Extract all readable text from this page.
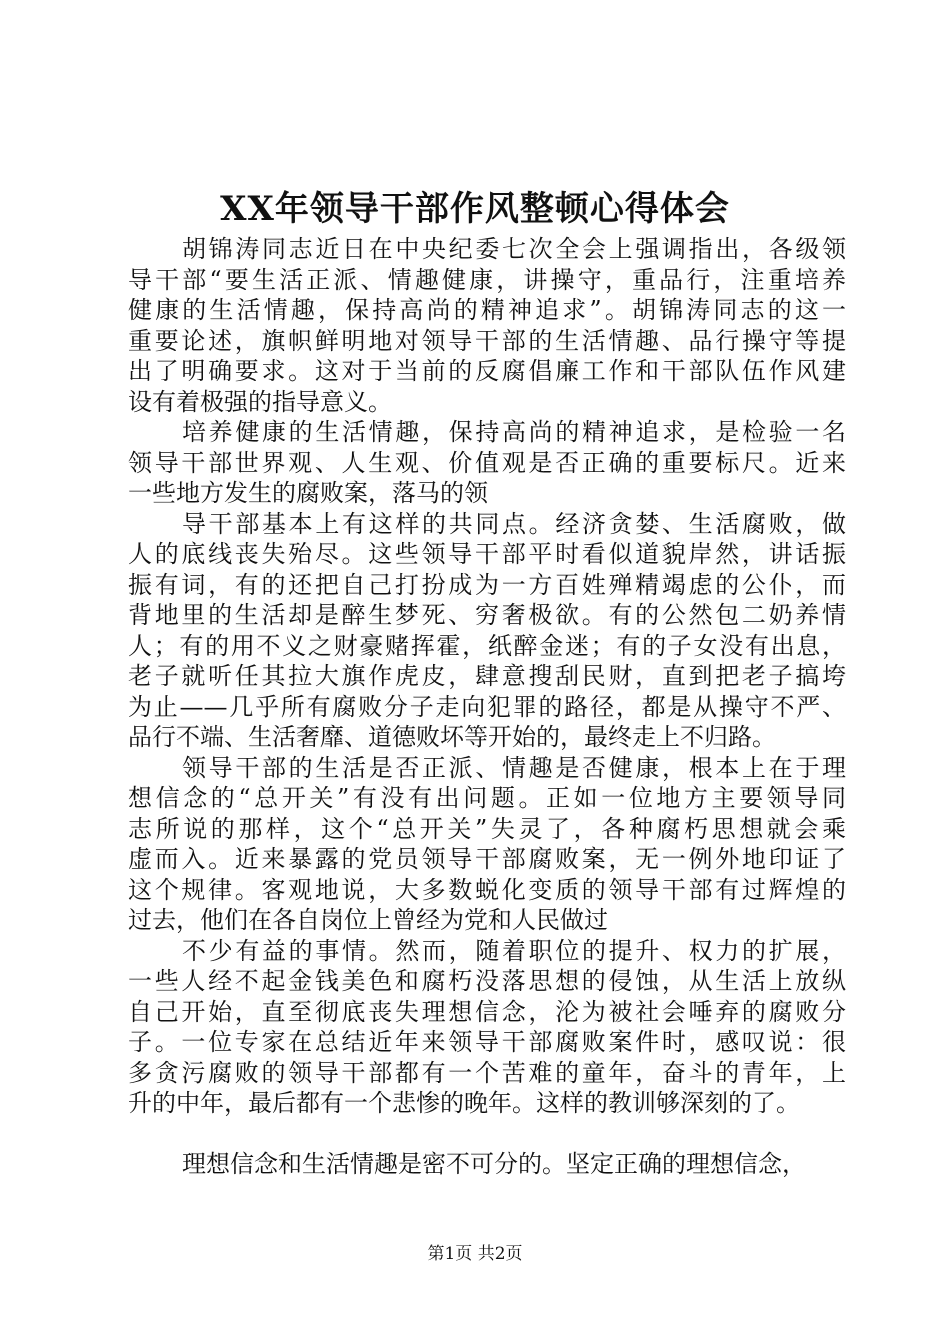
XX年领导干部作风整顿心得体会
胡锦涛同志近日在中央纪委七次全会上强调指出，各级领
导干部“要生活正派、情趣健康，讲操守，重品行，注重培养
健康的生活情趣，保持高尚的精神追求”。胡锦涛同志的这一
重要论述，旗帜鲜明地对领导干部的生活情趣、品行操守等提
出了明确要求。这对于当前的反腐倡廉工作和干部队伍作风建
设有着极强的指导意义。
培养健康的生活情趣，保持高尚的精神追求，是检验一名
领导干部世界观、人生观、价值观是否正确的重要标尺。近来
一些地方发生的腐败案，落马的领
导干部基本上有这样的共同点。经济贪婪、生活腐败，做
人的底线丧失殆尽。这些领导干部平时看似道貌岸然，讲话振
振有词，有的还把自己打扮成为一方百姓殚精竭虑的公仆，而
背地里的生活却是醉生梦死、穷奢极欲。有的公然包二奶养情
人；有的用不义之财豪赌挥霍，纸醉金迷；有的子女没有出息，
老子就听任其拉大旗作虎皮，肆意搜刮民财，直到把老子搞垮
为止——几乎所有腐败分子走向犯罪的路径，都是从操守不严、
品行不端、生活奢靡、道德败坏等开始的，最终走上不归路。
领导干部的生活是否正派、情趣是否健康，根本上在于理
想信念的“总开关”有没有出问题。正如一位地方主要领导同
志所说的那样，这个“总开关”失灵了，各种腐朽思想就会乘
虚而入。近来暴露的党员领导干部腐败案，无一例外地印证了
这个规律。客观地说，大多数蜕化变质的领导干部有过辉煌的
过去，他们在各自岗位上曾经为党和人民做过
不少有益的事情。然而，随着职位的提升、权力的扩展，
一些人经不起金钱美色和腐朽没落思想的侵蚀，从生活上放纵
自己开始，直至彻底丧失理想信念，沦为被社会唾弃的腐败分
子。一位专家在总结近年来领导干部腐败案件时，感叹说：很
多贪污腐败的领导干部都有一个苦难的童年，奋斗的青年，上
升的中年，最后都有一个悲惨的晚年。这样的教训够深刻的了。
理想信念和生活情趣是密不可分的。坚定正确的理想信念，
第1页 共2页
